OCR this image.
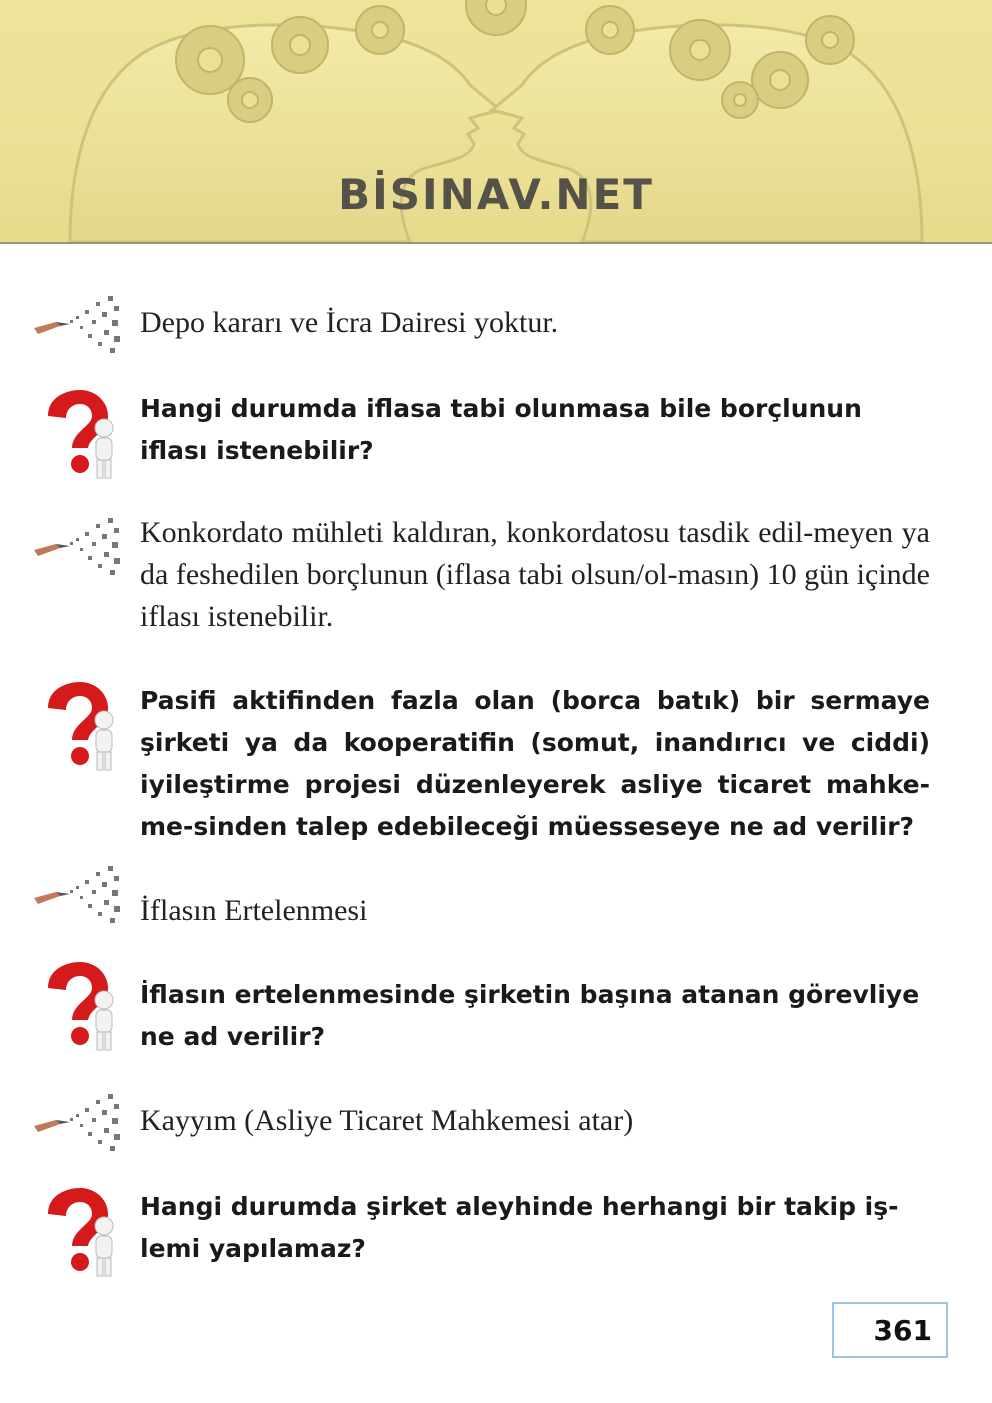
BİSINAV.NET
Depo kararı ve İcra Dairesi yoktur.
Hangi durumda iflasa tabi olunmasa bile borçlunun iflası istenebilir?
Konkordato mühleti kaldıran, konkordatosu tasdik edil-meyen ya da feshedilen borçlunun (iflasa tabi olsun/ol-masın) 10 gün içinde iflası istenebilir.
Pasifi aktifinden fazla olan (borca batık) bir sermaye şirketi ya da kooperatifin (somut, inandırıcı ve ciddi) iyileştirme projesi düzenleyerek asliye ticaret mahke-me-sinden talep edebileceği müesseseye ne ad verilir?
İflasın Ertelenmesi
İflasın ertelenmesinde şirketin başına atanan görevliye ne ad verilir?
Kayyım (Asliye Ticaret Mahkemesi atar)
Hangi durumda şirket aleyhinde herhangi bir takip iş-lemi yapılamaz?
361
